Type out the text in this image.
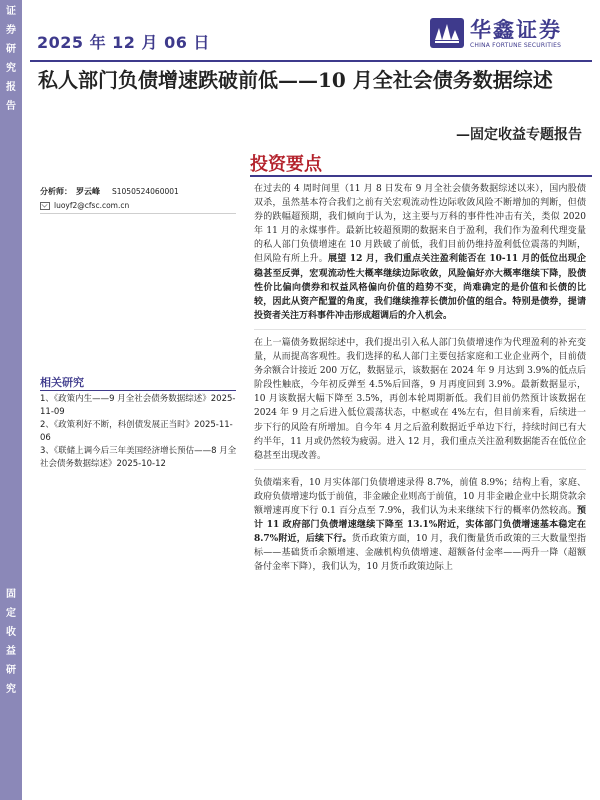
证
券
研
究
报
告
固
定
收
益
研
究
2025 年 12 月 06 日
华鑫证券
CHINA FORTUNE SECURITIES
私人部门负债增速跌破前低——10 月全社会债务数据综述
—固定收益专题报告
投资要点
分析师： 罗云峰 S1050524060001
luoyf2@cfsc.com.cn
相关研究
1、《政策内生——9 月全社会债务数据综述》2025-11-09
2、《政策利好不断，科创债发展正当时》2025-11-06
3、《联储上调今后三年美国经济增长预估——8 月全社会债务数据综述》2025-10-12

在过去的 4 周时间里（11 月 8 日发布 9 月全社会债务数据综述以来），国内股债双杀，虽然基本符合我们之前有关宏观流动性边际收敛风险不断增加的判断，但债券的跌幅超预期，我们倾向于认为，这主要与万科的事件性冲击有关，类似 2020 年 11 月的永煤事件。最新比较超预期的数据来自于盈利，我们作为盈利代理变量的私人部门负债增速在 10 月跌破了前低，我们目前仍维持盈利低位震荡的判断，但风险有所上升。展望 12 月，我们重点关注盈利能否在 10-11 月的低位出现企稳甚至反弹，宏观流动性大概率继续边际收敛，风险偏好亦大概率继续下降，股债性价比偏向债券和权益风格偏向价值的趋势不变，尚难确定的是价值和长债的比较，因此从资产配置的角度，我们继续推荐长债加价值的组合。特别是债券，提请投资者关注万科事件冲击形成超调后的介入机会。

在上一篇债务数据综述中，我们提出引入私人部门负债增速作为代理盈利的补充变量，从而提高客观性。我们选择的私人部门主要包括家庭和工业企业两个，目前债务余额合计接近 200 万亿，数据显示，该数据在 2024 年 9 月达到 3.9%的低点后阶段性触底，今年初反弹至 4.5%后回落，9 月再度回到 3.9%。最新数据显示，10 月该数据大幅下降至 3.5%，再创本轮周期新低。我们目前仍然预计该数据在 2024 年 9 月之后进入低位震荡状态，中枢或在 4%左右，但目前来看，后续进一步下行的风险有所增加。自今年 4 月之后盈利数据近乎单边下行，持续时间已有大约半年，11 月或仍然较为疲弱。进入 12 月，我们重点关注盈利数据能否在低位企稳甚至出现改善。

负债端来看，10 月实体部门负债增速录得 8.7%，前值 8.9%；结构上看，家庭、政府负债增速均低于前值，非金融企业则高于前值，10 月非金融企业中长期贷款余额增速再度下行 0.1 百分点至 7.9%，我们认为未来继续下行的概率仍然较高。预计 11 政府部门负债增速继续下降至 13.1%附近，实体部门负债增速基本稳定在 8.7%附近，后续下行。货币政策方面，10 月，我们衡量货币政策的三大数量型指标——基础货币余额增速、金融机构负债增速、超额备付金率——两升一降（超额备付金率下降），我们认为，10 月货币政策边际上
